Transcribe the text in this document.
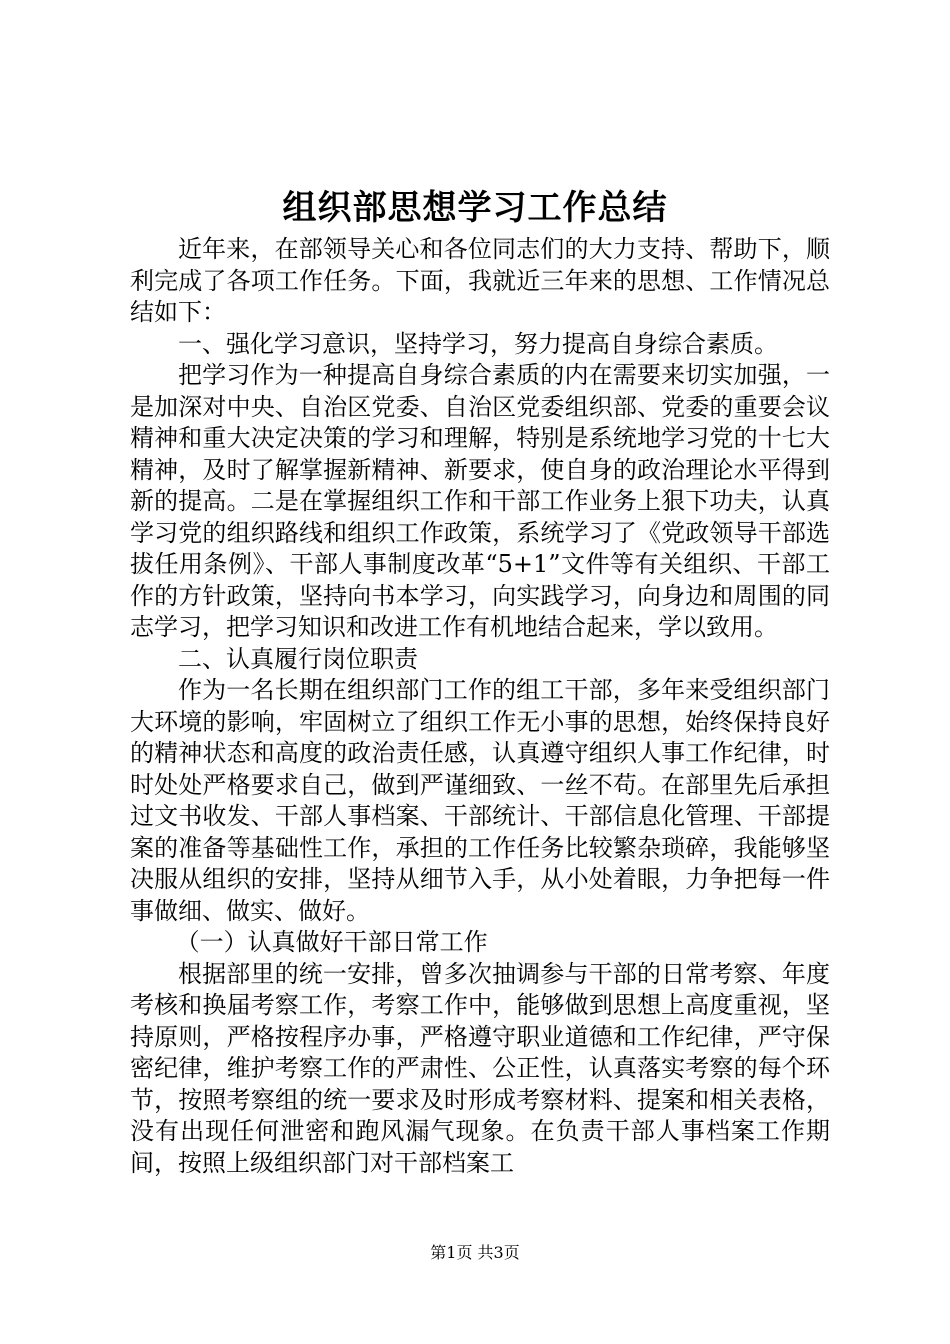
组织部思想学习工作总结

近年来，在部领导关心和各位同志们的大力支持、帮助下，顺利完成了各项工作任务。下面，我就近三年来的思想、工作情况总结如下：

一、强化学习意识，坚持学习，努力提高自身综合素质。

把学习作为一种提高自身综合素质的内在需要来切实加强，一是加深对中央、自治区党委、自治区党委组织部、党委的重要会议精神和重大决定决策的学习和理解，特别是系统地学习党的十七大精神，及时了解掌握新精神、新要求，使自身的政治理论水平得到新的提高。二是在掌握组织工作和干部工作业务上狠下功夫，认真学习党的组织路线和组织工作政策，系统学习了《党政领导干部选拔任用条例》、干部人事制度改革“5+1”文件等有关组织、干部工作的方针政策，坚持向书本学习，向实践学习，向身边和周围的同志学习，把学习知识和改进工作有机地结合起来，学以致用。

二、认真履行岗位职责

作为一名长期在组织部门工作的组工干部，多年来受组织部门大环境的影响，牢固树立了组织工作无小事的思想，始终保持良好的精神状态和高度的政治责任感，认真遵守组织人事工作纪律，时时处处严格要求自己，做到严谨细致、一丝不苟。在部里先后承担过文书收发、干部人事档案、干部统计、干部信息化管理、干部提案的准备等基础性工作，承担的工作任务比较繁杂琐碎，我能够坚决服从组织的安排，坚持从细节入手，从小处着眼，力争把每一件事做细、做实、做好。

（一）认真做好干部日常工作

根据部里的统一安排，曾多次抽调参与干部的日常考察、年度考核和换届考察工作，考察工作中，能够做到思想上高度重视，坚持原则，严格按程序办事，严格遵守职业道德和工作纪律，严守保密纪律，维护考察工作的严肃性、公正性，认真落实考察的每个环节，按照考察组的统一要求及时形成考察材料、提案和相关表格，没有出现任何泄密和跑风漏气现象。在负责干部人事档案工作期间，按照上级组织部门对干部档案工

第1页 共3页
